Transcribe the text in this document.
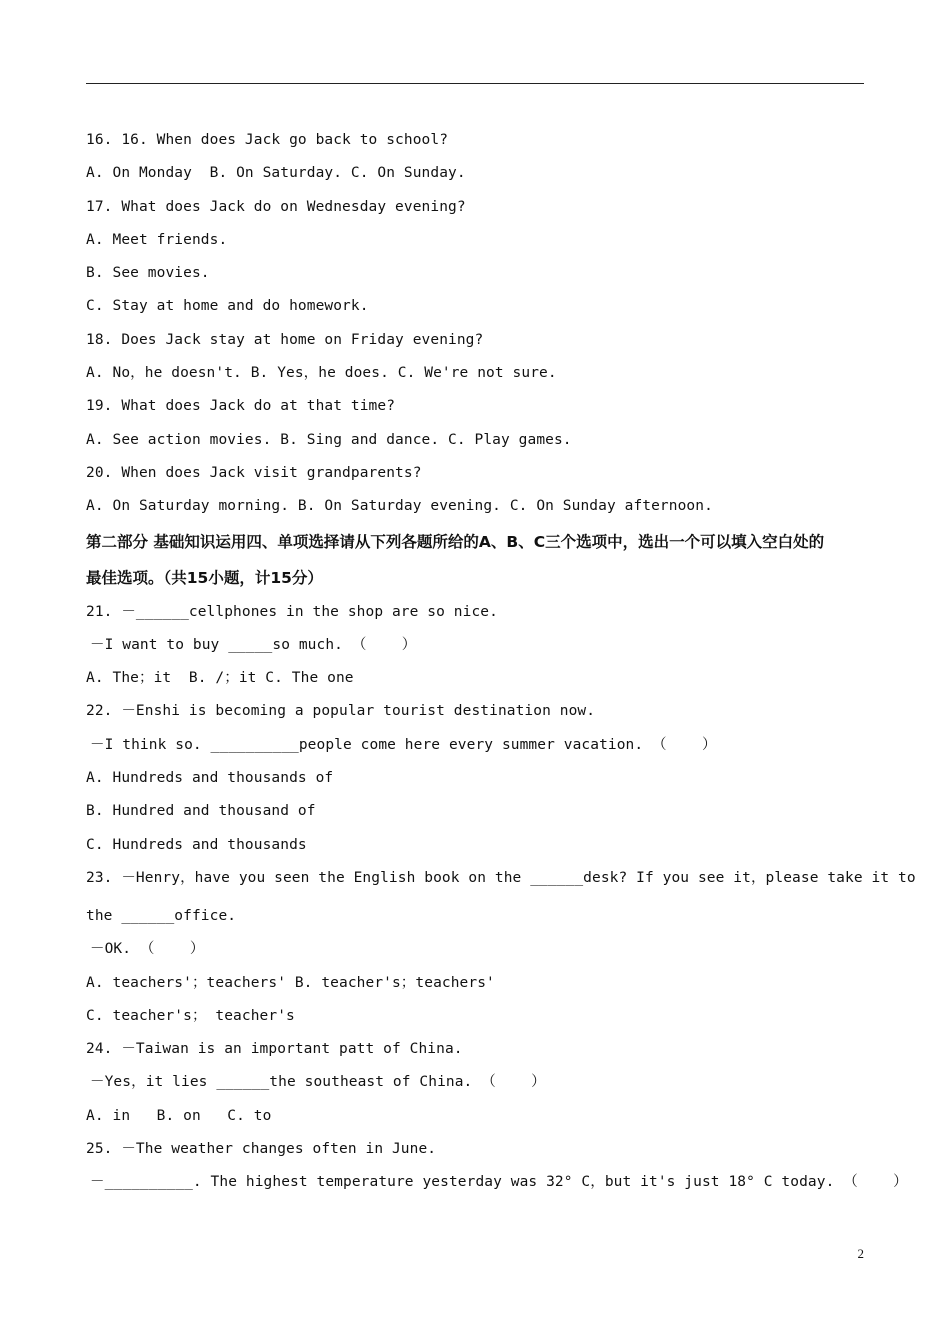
16. 16. When does Jack go back to school?
A. On Monday  B. On Saturday. C. On Sunday.
17. What does Jack do on Wednesday evening?
A. Meet friends.
B. See movies.
C. Stay at home and do homework.
18. Does Jack stay at home on Friday evening?
A. No，he doesn't. B. Yes，he does. C. We're not sure.
19. What does Jack do at that time?
A. See action movies. B. Sing and dance. C. Play games.
20. When does Jack visit grandparents?
A. On Saturday morning. B. On Saturday evening. C. On Sunday afternoon.
第二部分 基础知识运用四、单项选择请从下列各题所给的A、B、C三个选项中，选出一个可以填入空白处的
最佳选项。（共15小题，计15分）
21. －______cellphones in the shop are so nice.
－I want to buy _____so much. （    ）
A. The；it  B. /；it C. The one
22. －Enshi is becoming a popular tourist destination now.
－I think so. __________people come here every summer vacation. （    ）
A. Hundreds and thousands of
B. Hundred and thousand of
C. Hundreds and thousands
23. －Henry，have you seen the English book on the ______desk? If you see it，please take it to
the ______office.
－OK. （    ）
A. teachers'；teachers' B. teacher's；teachers'
C. teacher's； teacher's
24. －Taiwan is an important patt of China.
－Yes，it lies ______the southeast of China. （    ）
A. in   B. on   C. to
25. －The weather changes often in June.
－__________. The highest temperature yesterday was 32° C，but it's just 18° C today. （    ）
2
